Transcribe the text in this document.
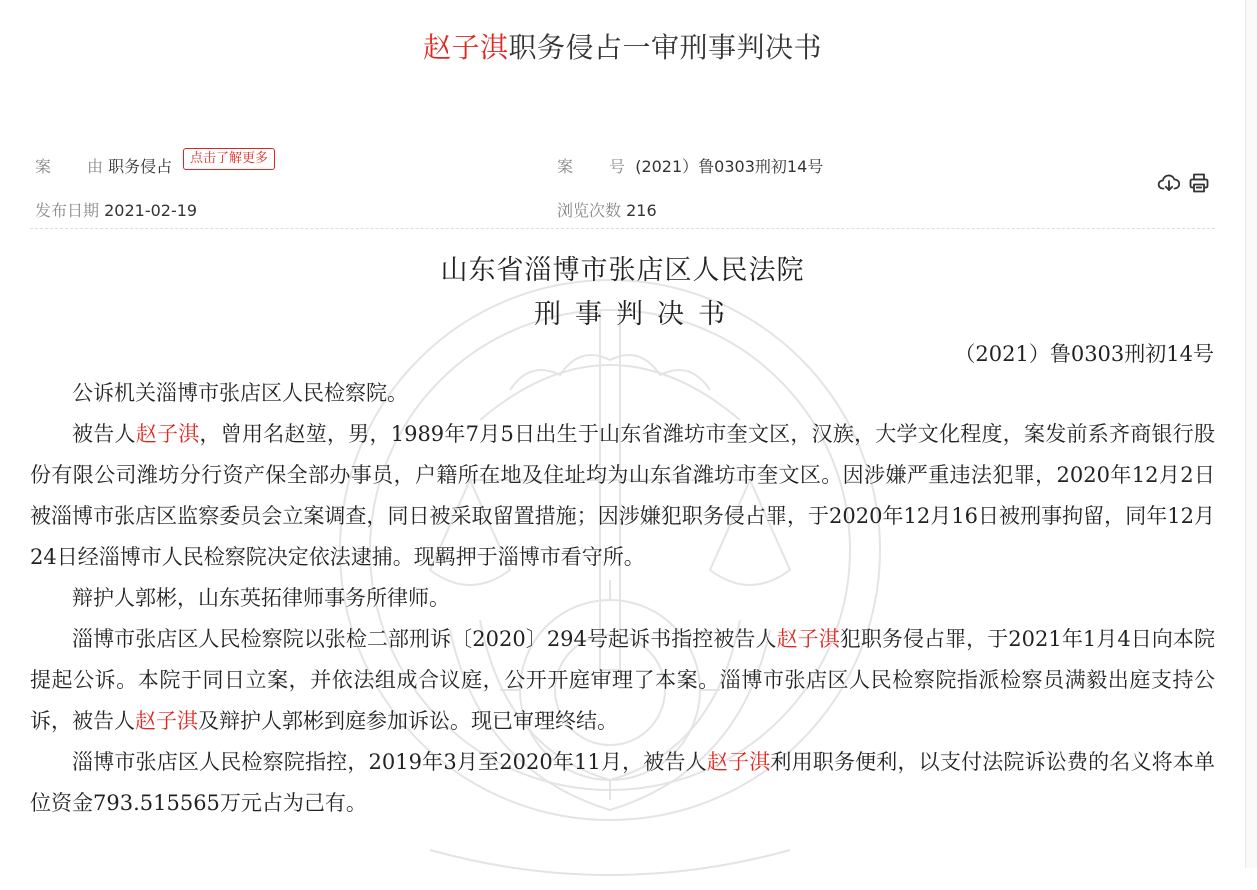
赵子淇职务侵占一审刑事判决书
案 由 职务侵占	点击了解更多	案 号 (2021）鲁0303刑初14号
发布日期 2021-02-19	浏览次数 216
山东省淄博市张店区人民法院
刑事判决书
（2021）鲁0303刑初14号

公诉机关淄博市张店区人民检察院。

被告人赵子淇，曾用名赵堃，男，1989年7月5日出生于山东省潍坊市奎文区，汉族，大学文化程度，案发前系齐商银行股份有限公司潍坊分行资产保全部办事员，户籍所在地及住址均为山东省潍坊市奎文区。因涉嫌严重违法犯罪，2020年12月2日被淄博市张店区监察委员会立案调查，同日被采取留置措施；因涉嫌犯职务侵占罪，于2020年12月16日被刑事拘留，同年12月24日经淄博市人民检察院决定依法逮捕。现羁押于淄博市看守所。

辩护人郭彬，山东英拓律师事务所律师。

淄博市张店区人民检察院以张检二部刑诉〔2020〕294号起诉书指控被告人赵子淇犯职务侵占罪，于2021年1月4日向本院提起公诉。本院于同日立案，并依法组成合议庭，公开开庭审理了本案。淄博市张店区人民检察院指派检察员满毅出庭支持公诉，被告人赵子淇及辩护人郭彬到庭参加诉讼。现已审理终结。

淄博市张店区人民检察院指控，2019年3月至2020年11月，被告人赵子淇利用职务便利，以支付法院诉讼费的名义将本单位资金793.515565万元占为己有。
